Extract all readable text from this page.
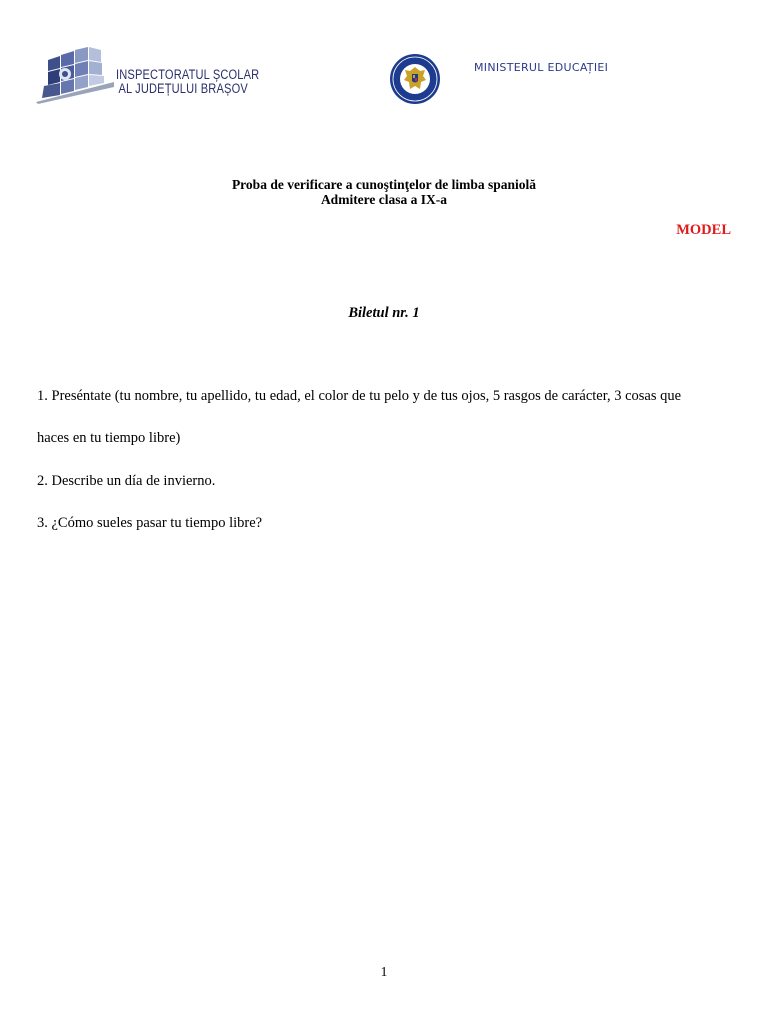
INSPECTORATUL ȘCOLAR
AL JUDEȚULUI BRAȘOV
MINISTERUL EDUCAȚIEI
Proba de verificare a cunoştinţelor de limba spaniolă
Admitere clasa a IX-a
MODEL
Biletul nr. 1
1. Preséntate (tu nombre, tu apellido, tu edad, el color de tu pelo y de tus ojos, 5 rasgos de carácter, 3 cosas que
haces en tu tiempo libre)
2. Describe un día de invierno.
3. ¿Cómo sueles pasar tu tiempo libre?
1
